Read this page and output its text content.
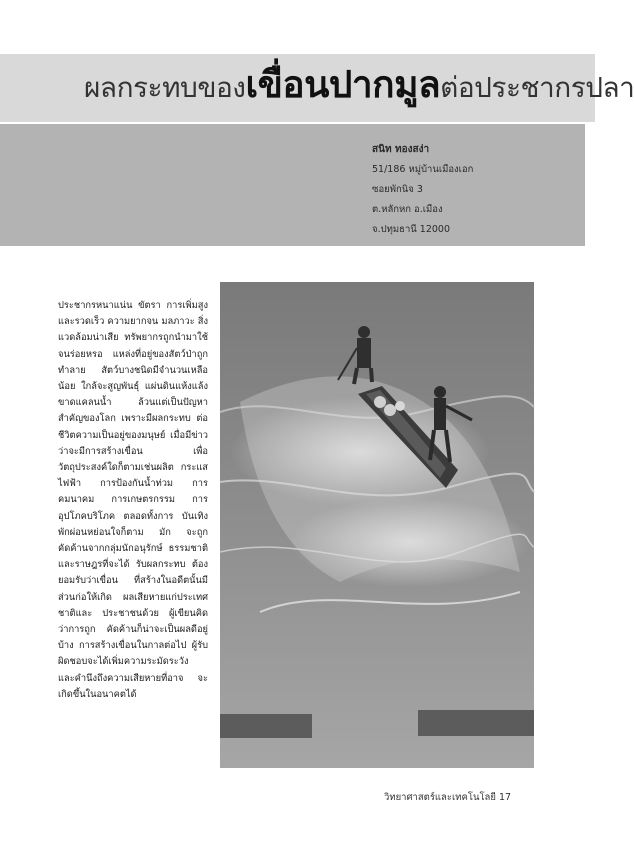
ผลกระทบของเขื่อนปากมูลต่อประชากรปลา
สนิท ทองสง่า
51/186 หมู่บ้านเมืองเอก
ซอยพักนิจ 3
ต.หลักหก อ.เมือง
จ.ปทุมธานี 12000
ประชากรหนาแน่น ขัตรา การเพิ่มสูงและรวดเร็ว ความยากจน มลภาวะ สิ่งแวดล้อมน่าเสีย ทรัพยากรถูกนำมาใช้จนร่อยหรอ แหล่งที่อยู่ของสัตว์ป่าถูกทำลาย สัตว์บางชนิดมีจำนวนเหลือน้อย ใกล้จะสูญพันธุ์ แผ่นดินแห้งแล้ง ขาดแคลนน้ำ ล้วนแต่เป็นปัญหา สำคัญของโลก เพราะมีผลกระทบ ต่อชีวิตความเป็นอยู่ของมนุษย์ เมื่อมีข่าวว่าจะมีการสร้างเขื่อน เพื่อวัตถุประสงค์ใดก็ตามเช่นผลิต กระแสไฟฟ้า การป้องกันน้ำท่วม การคมนาคม การเกษตรกรรม การอุปโภคบริโภค ตลอดทั้งการ บันเทิงพักผ่อนหย่อนใจก็ตาม มัก จะถูกคัดค้านจากกลุ่มนักอนุรักษ์ ธรรมชาติ และราษฎรที่จะได้ รับผลกระทบ ต้องยอมรับว่าเขื่อน ที่สร้างในอดีตนั้นมีส่วนก่อให้เกิด ผลเสียหายแก่ประเทศชาติและ ประชาชนด้วย ผู้เขียนคิดว่าการถูก คัดค้านก็น่าจะเป็นผลดีอยู่บ้าง การสร้างเขื่อนในกาลต่อไป ผู้รับ ผิดชอบจะได้เพิ่มความระมัดระวัง และคำนึงถึงความเสียหายที่อาจ จะเกิดขึ้นในอนาคตได้
วิทยาศาสตร์และเทคโนโลยี 17
